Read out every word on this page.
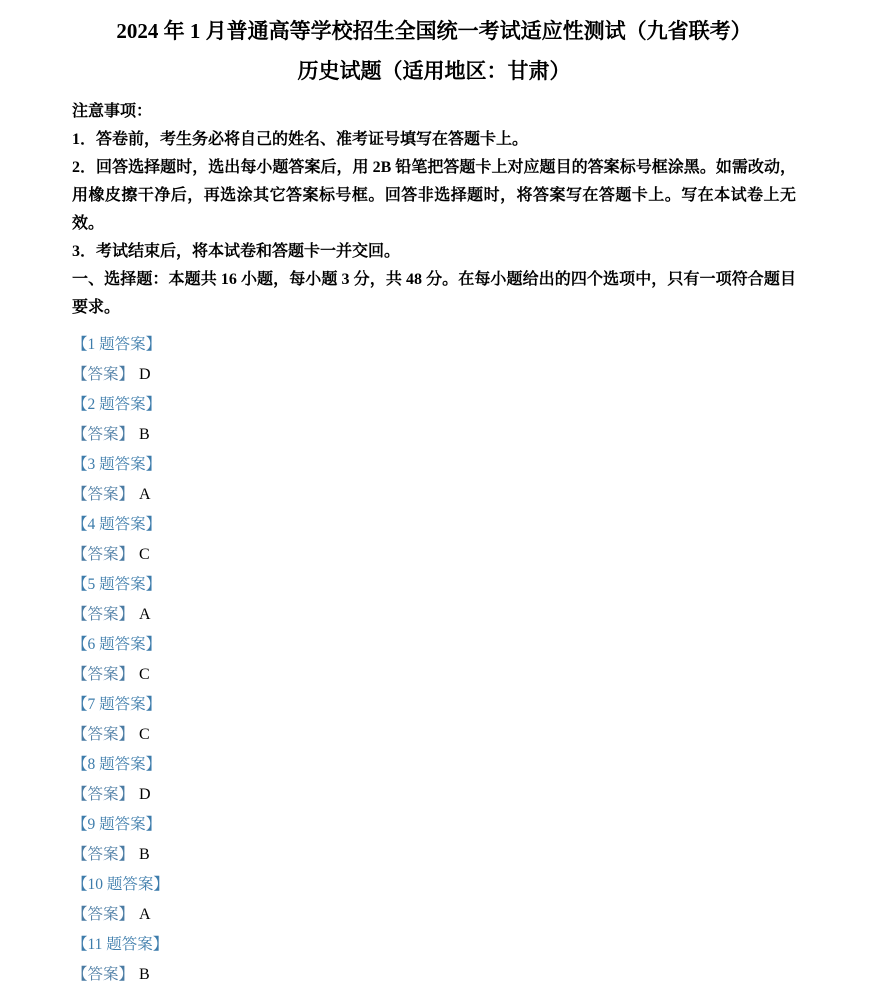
2024 年 1 月普通高等学校招生全国统一考试适应性测试（九省联考）

历史试题（适用地区：甘肃）

注意事项：

1．答卷前，考生务必将自己的姓名、准考证号填写在答题卡上。

2．回答选择题时，选出每小题答案后，用 2B 铅笔把答题卡上对应题目的答案标号框涂黑。如需改动，用橡皮擦干净后，再选涂其它答案标号框。回答非选择题时，将答案写在答题卡上。写在本试卷上无效。

3．考试结束后，将本试卷和答题卡一并交回。

一、选择题：本题共 16 小题，每小题 3 分，共 48 分。在每小题给出的四个选项中，只有一项符合题目要求。

【1 题答案】

【答案】 D

【2 题答案】

【答案】 B

【3 题答案】

【答案】 A

【4 题答案】

【答案】 C

【5 题答案】

【答案】 A

【6 题答案】

【答案】 C

【7 题答案】

【答案】 C

【8 题答案】

【答案】 D

【9 题答案】

【答案】 B

【10 题答案】

【答案】 A

【11 题答案】

【答案】 B
